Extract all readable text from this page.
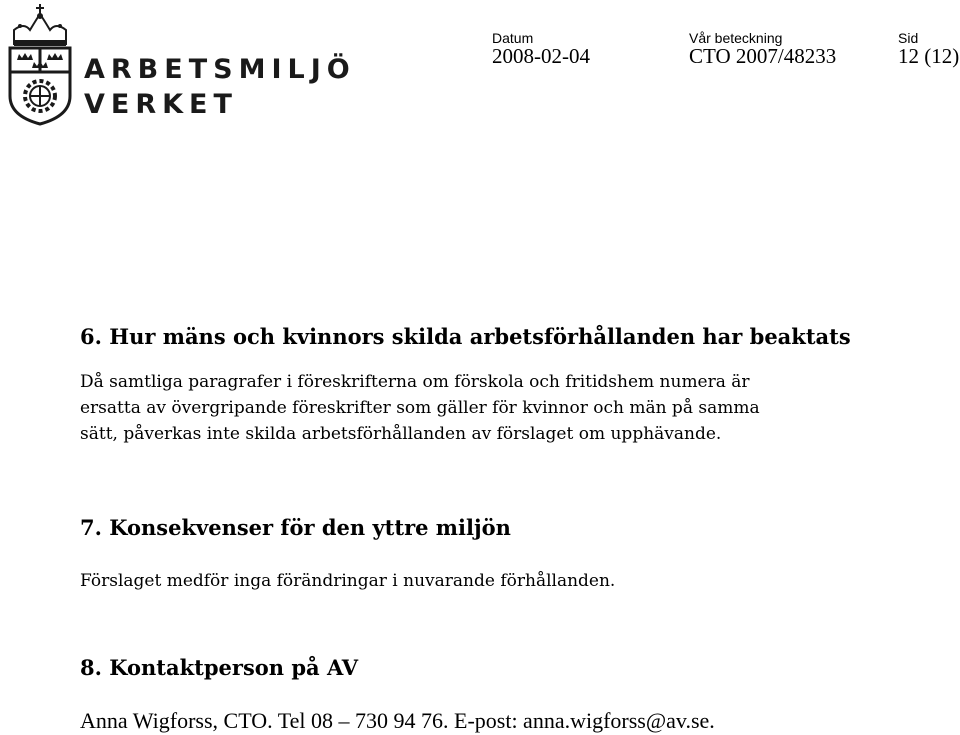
ARBETSMILJÖ
VERKET
Datum	Vår beteckning	Sid
2008-02-04	CTO 2007/48233	12 (12)
6. Hur mäns och kvinnors skilda arbetsförhållanden har beaktats
Då samtliga paragrafer i föreskrifterna om förskola och fritidshem numera är
ersatta av övergripande föreskrifter som gäller för kvinnor och män på samma
sätt, påverkas inte skilda arbetsförhållanden av förslaget om upphävande.
7. Konsekvenser för den yttre miljön
Förslaget medför inga förändringar i nuvarande förhållanden.
8. Kontaktperson på AV
Anna Wigforss, CTO. Tel 08 – 730 94 76. E-post: anna.wigforss@av.se.
